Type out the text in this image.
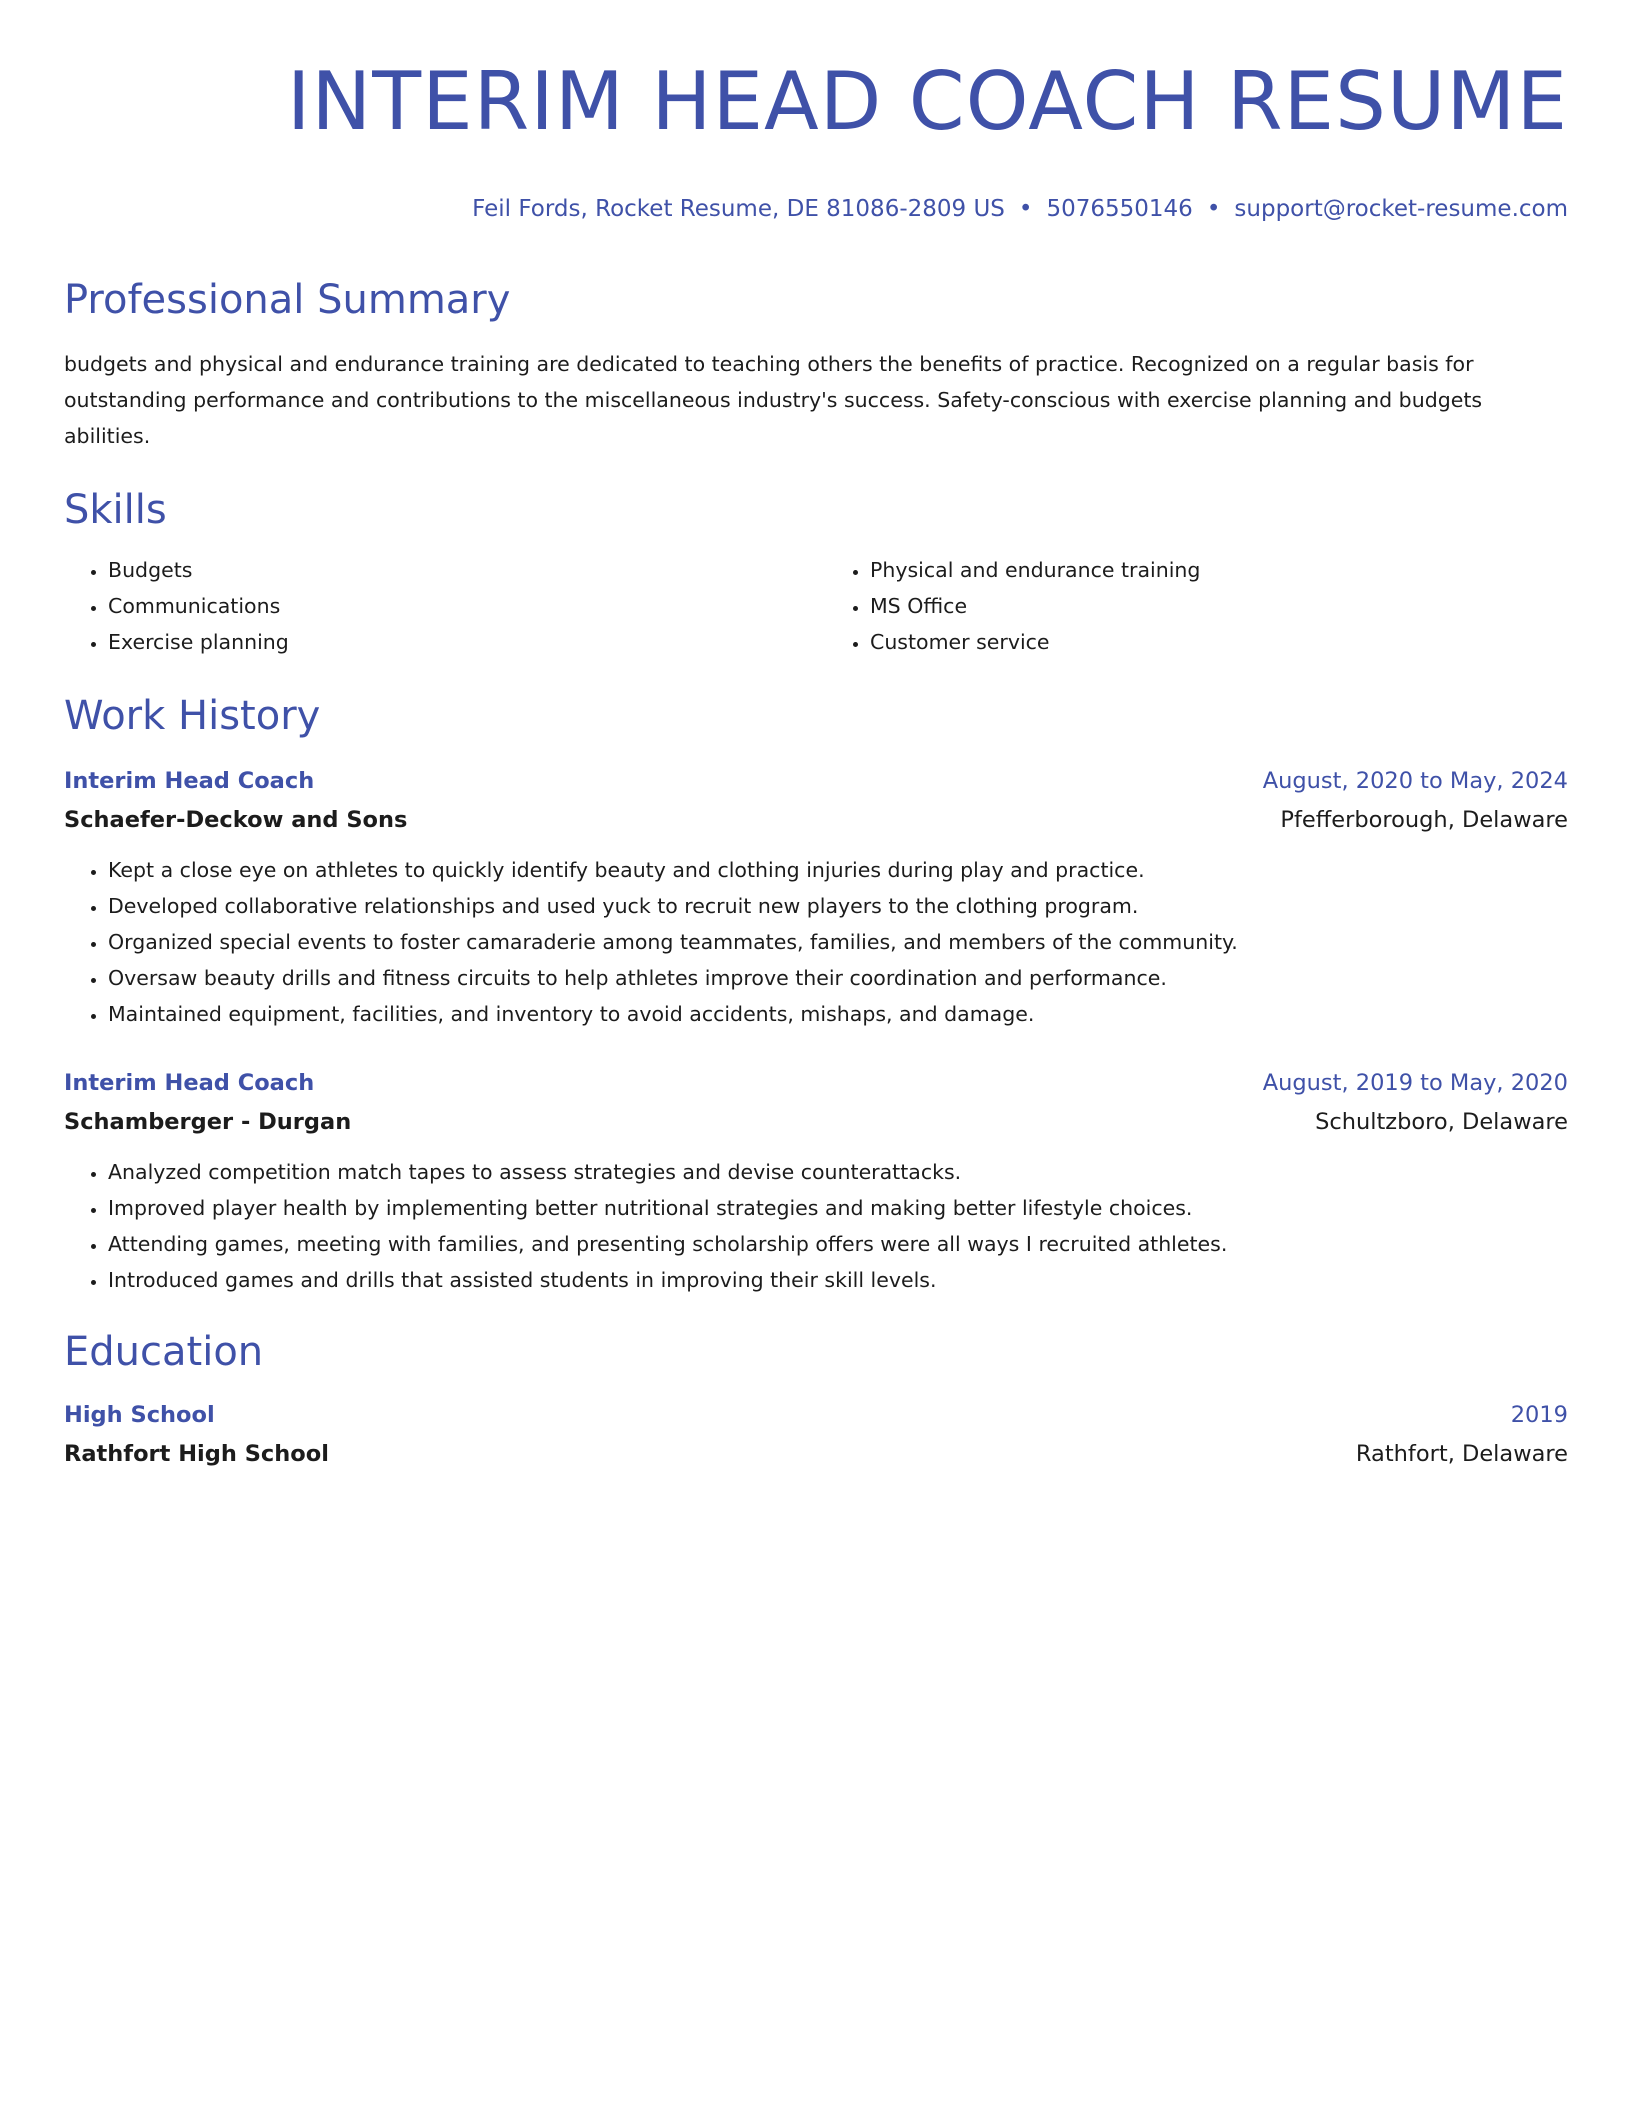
INTERIM HEAD COACH RESUME
Feil Fords, Rocket Resume, DE 81086-2809 US • 5076550146 • support@rocket-resume.com
Professional Summary

budgets and physical and endurance training are dedicated to teaching others the benefits of practice. Recognized on a regular basis for outstanding performance and contributions to the miscellaneous industry's success. Safety-conscious with exercise planning and budgets abilities.

Skills
• Budgets
• Communications
• Exercise planning
• Physical and endurance training
• MS Office
• Customer service
Work History
Interim Head Coach	August, 2020 to May, 2024
Schaefer-Deckow and Sons	Pfefferborough, Delaware
• Kept a close eye on athletes to quickly identify beauty and clothing injuries during play and practice.
• Developed collaborative relationships and used yuck to recruit new players to the clothing program.
• Organized special events to foster camaraderie among teammates, families, and members of the community.
• Oversaw beauty drills and fitness circuits to help athletes improve their coordination and performance.
• Maintained equipment, facilities, and inventory to avoid accidents, mishaps, and damage.
Interim Head Coach	August, 2019 to May, 2020
Schamberger - Durgan	Schultzboro, Delaware
• Analyzed competition match tapes to assess strategies and devise counterattacks.
• Improved player health by implementing better nutritional strategies and making better lifestyle choices.
• Attending games, meeting with families, and presenting scholarship offers were all ways I recruited athletes.
• Introduced games and drills that assisted students in improving their skill levels.
Education
High School	2019
Rathfort High School	Rathfort, Delaware
